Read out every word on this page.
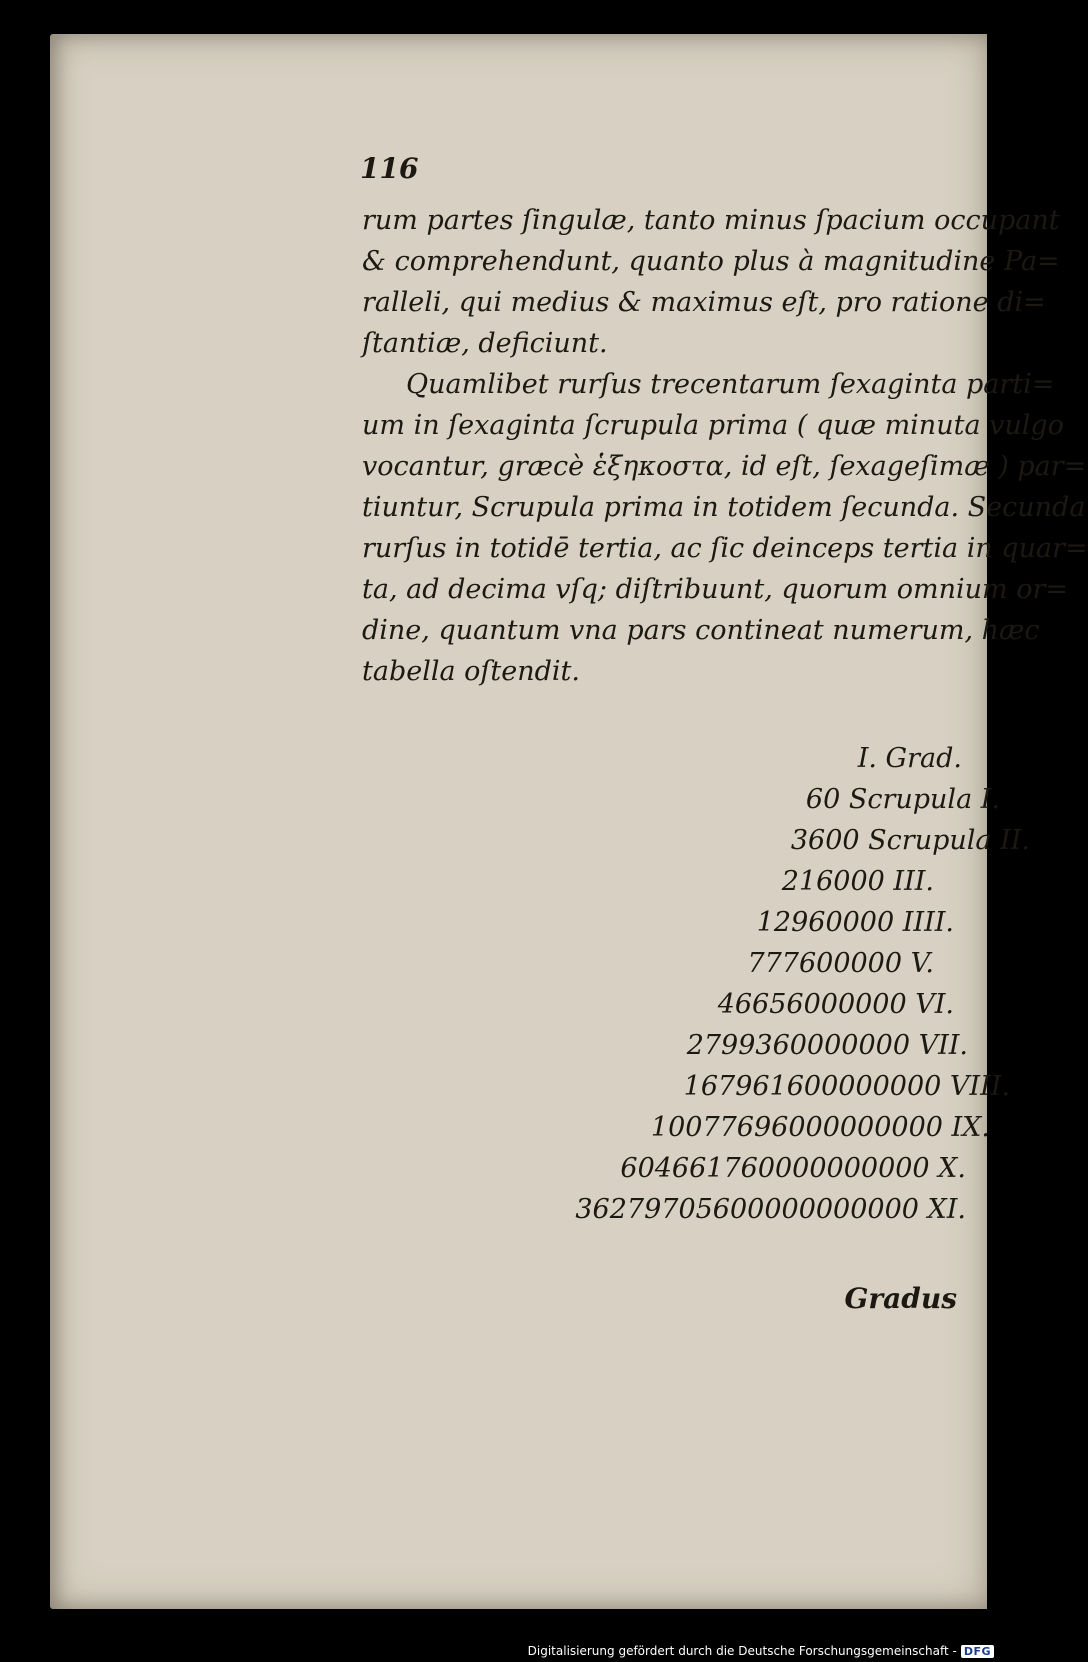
116
rum partes ſingulæ, tanto minus ſpacium occupant
& comprehendunt, quanto plus à magnitudine Pa=
ralleli, qui medius & maximus eſt, pro ratione di=
ſtantiæ, deficiunt.
Quamlibet rurſus trecentarum ſexaginta parti=
um in ſexaginta ſcrupula prima ( quæ minuta vulgo
vocantur, græcè ἑξηκοστα, id eſt, ſexageſimæ ) par=
tiuntur, Scrupula prima in totidem ſecunda. Secunda
rurſus in totidē tertia, ac ſic deinceps tertia in quar=
ta, ad decima vſq; diſtribuunt, quorum omnium or=
dine, quantum vna pars contineat numerum, hæc
tabella oſtendit.
I. Grad.
60 Scrupula I.
3600 Scrupula II.
216000 III.
12960000 IIII.
777600000 V.
46656000000 VI.
2799360000000 VII.
167961600000000 VIII.
10077696000000000 IX.
604661760000000000 X.
36279705600000000000 XI.
Gradus
Digitalisierung gefördert durch die Deutsche Forschungsgemeinschaft - DFG
